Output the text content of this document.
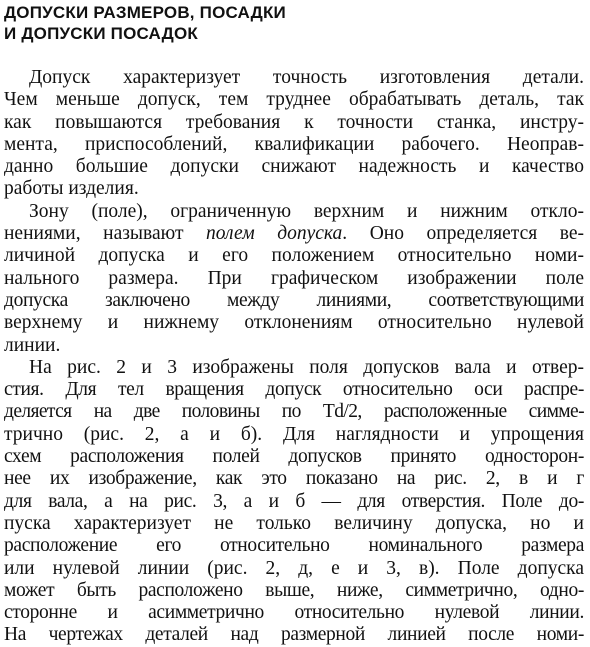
ДОПУСКИ РАЗМЕРОВ, ПОСАДКИ
И ДОПУСКИ ПОСАДОК

Допуск характеризует точность изготовления детали.
Чем меньше допуск, тем труднее обрабатывать деталь, так
как повышаются требования к точности станка, инстру-
мента, приспособлений, квалификации рабочего. Неоправ-
данно большие допуски снижают надежность и качество
работы изделия.

Зону (поле), ограниченную верхним и нижним откло-
нениями, называют полем допуска. Оно определяется ве-
личиной допуска и его положением относительно номи-
нального размера. При графическом изображении поле
допуска заключено между линиями, соответствующими
верхнему и нижнему отклонениям относительно нулевой
линии.

На рис. 2 и 3 изображены поля допусков вала и отвер-
стия. Для тел вращения допуск относительно оси распре-
деляется на две половины по Td/2, расположенные симме-
трично (рис. 2, а и б). Для наглядности и упрощения
схем расположения полей допусков принято односторон-
нее их изображение, как это показано на рис. 2, в и г
для вала, а на рис. 3, а и б — для отверстия. Поле до-
пуска характеризует не только величину допуска, но и
расположение его относительно номинального размера
или нулевой линии (рис. 2, д, е и 3, в). Поле допуска
может быть расположено выше, ниже, симметрично, одно-
сторонне и асимметрично относительно нулевой линии.
На чертежах деталей над размерной линией после номи-
